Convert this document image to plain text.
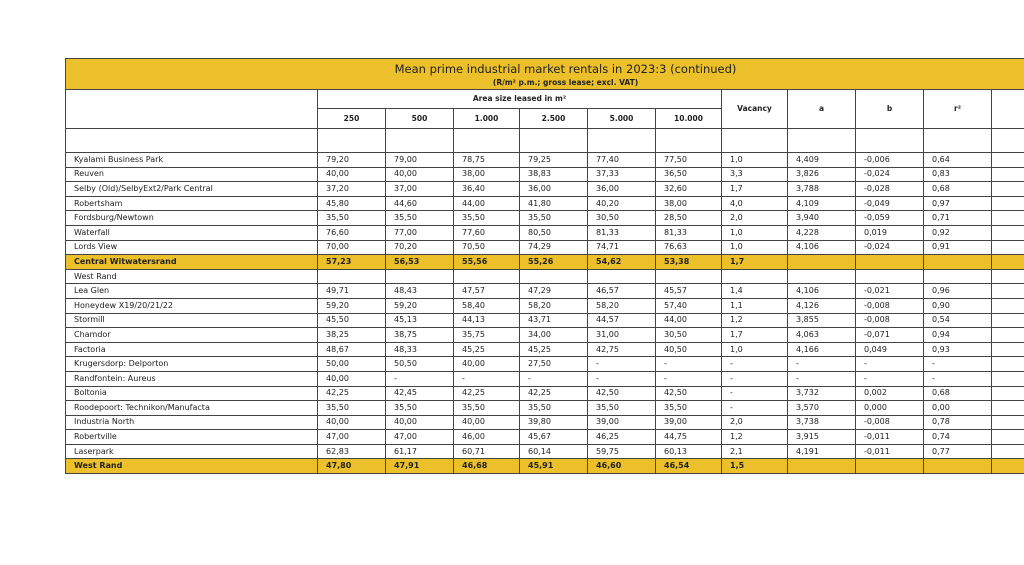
Mean prime industrial market rentals in 2023:3 (continued)
(R/m² p.m.; gross lease; excl. VAT)											

	Area size leased in m²						Vacancy	a	b	r²	
	250	500	1.000	2.500	5.000	10.000					

Kyalami Business Park	79,20	79,00	78,75	79,25	77,40	77,50	1,0	4,409	-0,006	0,64	
Reuven	40,00	40,00	38,00	38,83	37,33	36,50	3,3	3,826	-0,024	0,83	
Selby (Old)/SelbyExt2/Park Central	37,20	37,00	36,40	36,00	36,00	32,60	1,7	3,788	-0,028	0,68	
Robertsham	45,80	44,60	44,00	41,80	40,20	38,00	4,0	4,109	-0,049	0,97	
Fordsburg/Newtown	35,50	35,50	35,50	35,50	30,50	28,50	2,0	3,940	-0,059	0,71	
Waterfall	76,60	77,00	77,60	80,50	81,33	81,33	1,0	4,228	0,019	0,92	
Lords View	70,00	70,20	70,50	74,29	74,71	76,63	1,0	4,106	-0,024	0,91	
Central Witwatersrand	57,23	56,53	55,56	55,26	54,62	53,38	1,7				
West Rand											
Lea Glen	49,71	48,43	47,57	47,29	46,57	45,57	1,4	4,106	-0,021	0,96	
Honeydew X19/20/21/22	59,20	59,20	58,40	58,20	58,20	57,40	1,1	4,126	-0,008	0,90	
Stormill	45,50	45,13	44,13	43,71	44,57	44,00	1,2	3,855	-0,008	0,54	
Chamdor	38,25	38,75	35,75	34,00	31,00	30,50	1,7	4,063	-0,071	0,94	
Factoria	48,67	48,33	45,25	45,25	42,75	40,50	1,0	4,166	0,049	0,93	
Krugersdorp: Delporton	50,00	50,50	40,00	27,50	-	-	-	-	-	-	
Randfontein: Aureus	40,00	-	-	-	-	-	-	-	-	-	
Boltonia	42,25	42,45	42,25	42,25	42,50	42,50	-	3,732	0,002	0,68	
Roodepoort: Technikon/Manufacta	35,50	35,50	35,50	35,50	35,50	35,50	-	3,570	0,000	0,00	
Industria North	40,00	40,00	40,00	39,80	39,00	39,00	2,0	3,738	-0,008	0,78	
Robertville	47,00	47,00	46,00	45,67	46,25	44,75	1,2	3,915	-0,011	0,74	
Laserpark	62,83	61,17	60,71	60,14	59,75	60,13	2,1	4,191	-0,011	0,77	
West Rand	47,80	47,91	46,68	45,91	46,60	46,54	1,5				
